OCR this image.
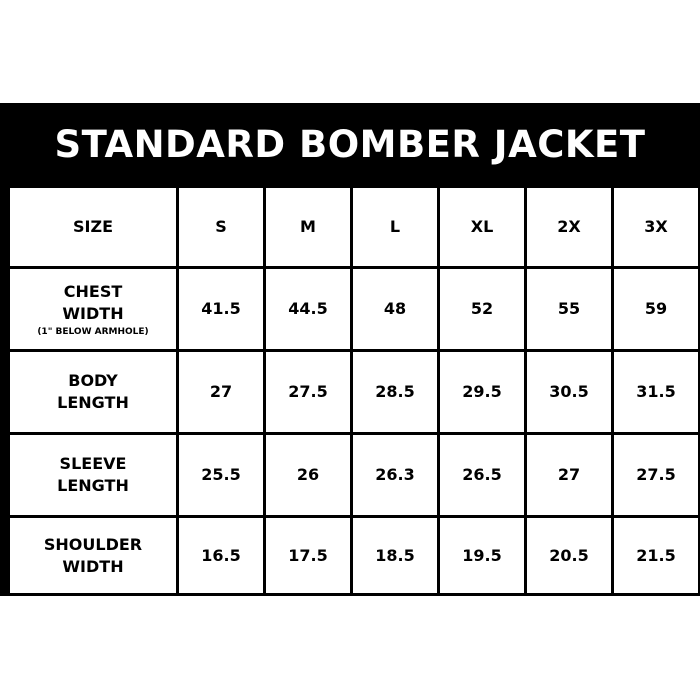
STANDARD BOMBER JACKET
SIZE	S	M	L	XL	2X	3X
CHEST
WIDTH
(1" BELOW ARMHOLE)	41.5	44.5	48	52	55	59
BODY
LENGTH	27	27.5	28.5	29.5	30.5	31.5
SLEEVE
LENGTH	25.5	26	26.3	26.5	27	27.5
SHOULDER
WIDTH	16.5	17.5	18.5	19.5	20.5	21.5
